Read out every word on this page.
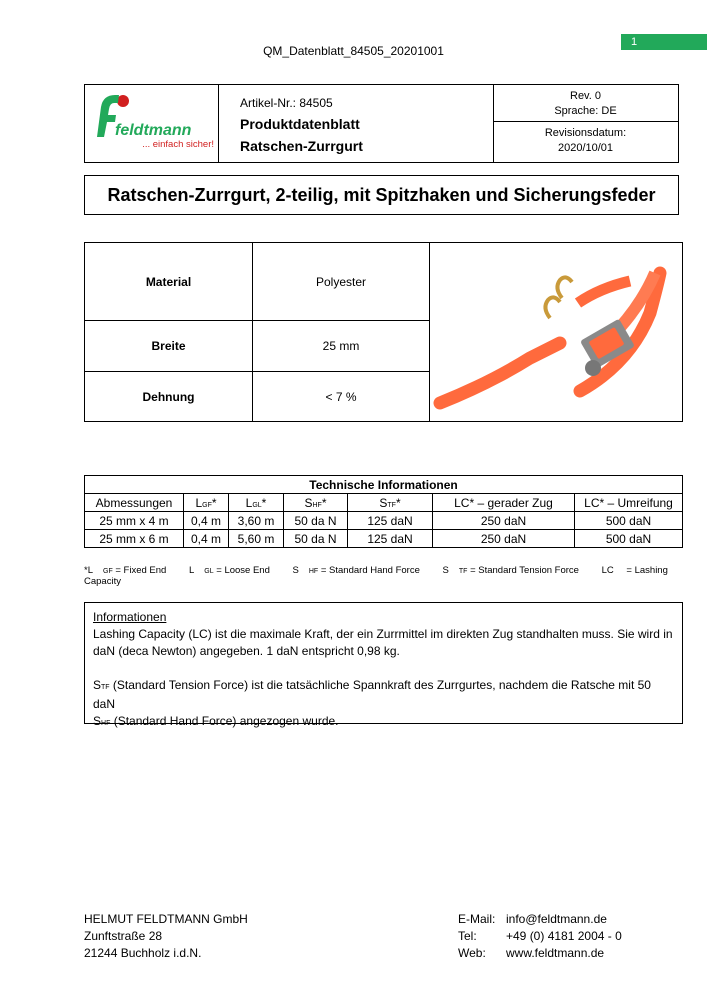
QM_Datenblatt_84505_20201001
1
feldtmann
... einfach sicher!
Artikel-Nr.: 84505
Produktdatenblatt
Ratschen-Zurrgurt
Rev. 0
Sprache: DE
Revisionsdatum:
2020/10/01
Ratschen-Zurrgurt, 2-teilig, mit Spitzhaken und Sicherungsfeder
Material	Polyester
Breite	25 mm
Dehnung	< 7 %
Technische Informationen						
Abmessungen	LGF*	LGL*	SHF*	STF*	LC* – gerader Zug	LC* – Umreifung
25 mm x 4 m	0,4 m	3,60 m	50 da N	125 daN	250 daN	500 daN
25 mm x 6 m	0,4 m	5,60 m	50 da N	125 daN	250 daN	500 daN
*L GF = Fixed End L GL = Loose End S HF = Standard Hand Force S TF = Standard Tension Force LC = Lashing Capacity
Informationen
Lashing Capacity (LC) ist die maximale Kraft, der ein Zurrmittel im direkten Zug standhalten muss. Sie wird in daN (deca Newton) angegeben. 1 daN entspricht 0,98 kg.
STF (Standard Tension Force) ist die tatsächliche Spannkraft des Zurrgurtes, nachdem die Ratsche mit 50 daN
SHF (Standard Hand Force) angezogen wurde.
HELMUT FELDTMANN GmbH
Zunftstraße 28
21244 Buchholz i.d.N.
E-Mail: info@feldtmann.de
Tel: +49 (0) 4181 2004 - 0
Web: www.feldtmann.de
